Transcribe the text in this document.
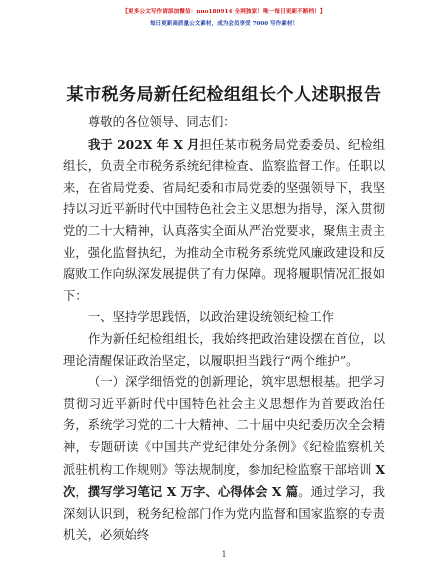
【更多公文写作请添加微信：nuo180914 全网独家！唯一每日更新不断档！】
每日更新高质量公文素材，成为会员享受 7000 写作素材！
某市税务局新任纪检组组长个人述职报告

尊敬的各位领导、同志们：

我于 202X 年 X 月担任某市税务局党委委员、纪检组组长，负责全市税务系统纪律检查、监察监督工作。任职以来，在省局党委、省局纪委和市局党委的坚强领导下，我坚持以习近平新时代中国特色社会主义思想为指导，深入贯彻党的二十大精神，认真落实全面从严治党要求，聚焦主责主业，强化监督执纪，为推动全市税务系统党风廉政建设和反腐败工作向纵深发展提供了有力保障。现将履职情况汇报如下：

一、坚持学思践悟，以政治建设统领纪检工作

作为新任纪检组组长，我始终把政治建设摆在首位，以理论清醒保证政治坚定，以履职担当践行“两个维护”。

（一）深学细悟党的创新理论，筑牢思想根基。把学习贯彻习近平新时代中国特色社会主义思想作为首要政治任务，系统学习党的二十大精神、二十届中央纪委历次全会精神，专题研读《中国共产党纪律处分条例》《纪检监察机关派驻机构工作规则》等法规制度，参加纪检监察干部培训 X 次，撰写学习笔记 X 万字、心得体会 X 篇。通过学习，我深刻认识到，税务纪检部门作为党内监督和国家监察的专责机关，必须始终

1
